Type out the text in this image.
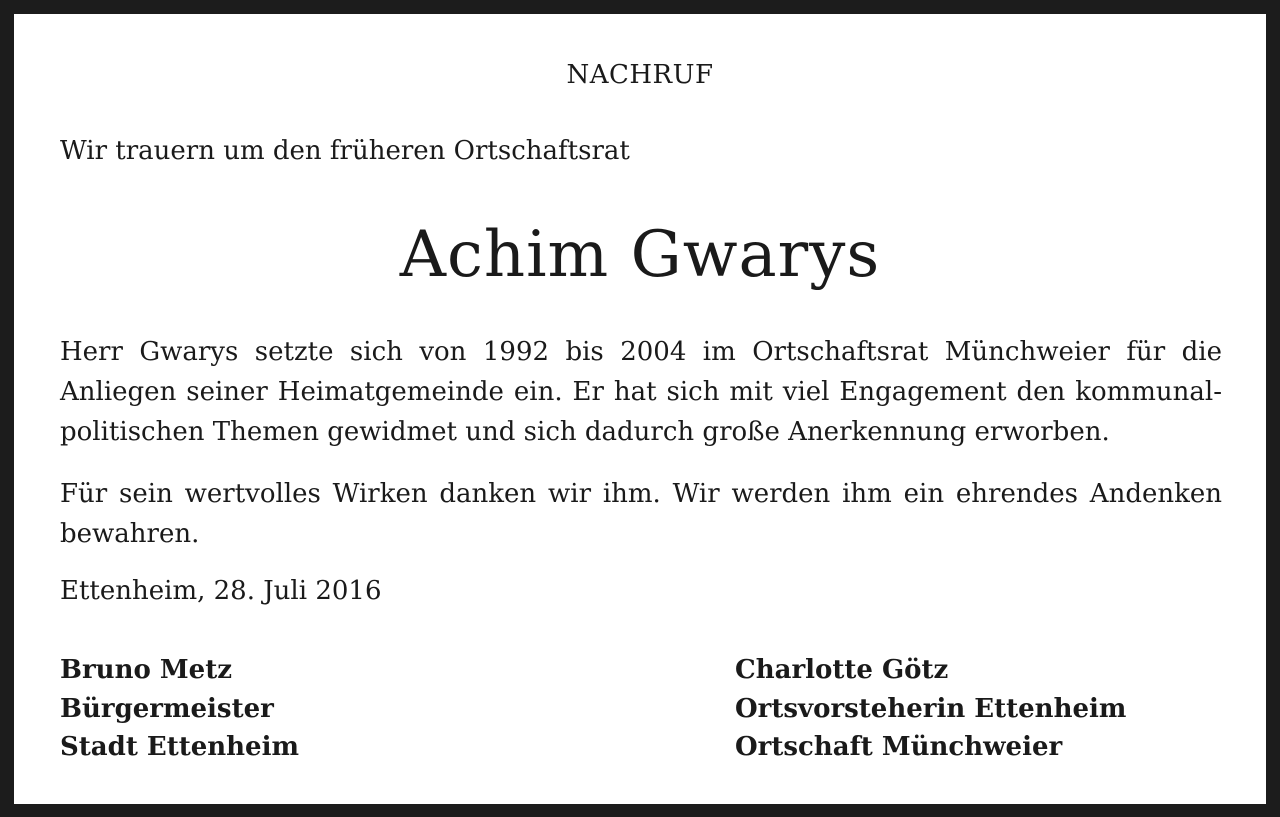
NACHRUF
Wir trauern um den früheren Ortschaftsrat
Achim Gwarys

Herr Gwarys setzte sich von 1992 bis 2004 im Ortschaftsrat Münchweier für die Anliegen seiner Heimatgemeinde ein. Er hat sich mit viel Engagement den kommunal-politischen Themen gewidmet und sich dadurch große Anerkennung erworben.

Für sein wertvolles Wirken danken wir ihm. Wir werden ihm ein ehrendes Andenken bewahren.

Ettenheim, 28. Juli 2016
Bruno Metz
Bürgermeister
Stadt Ettenheim
Charlotte Götz
Ortsvorsteherin Ettenheim
Ortschaft Münchweier
